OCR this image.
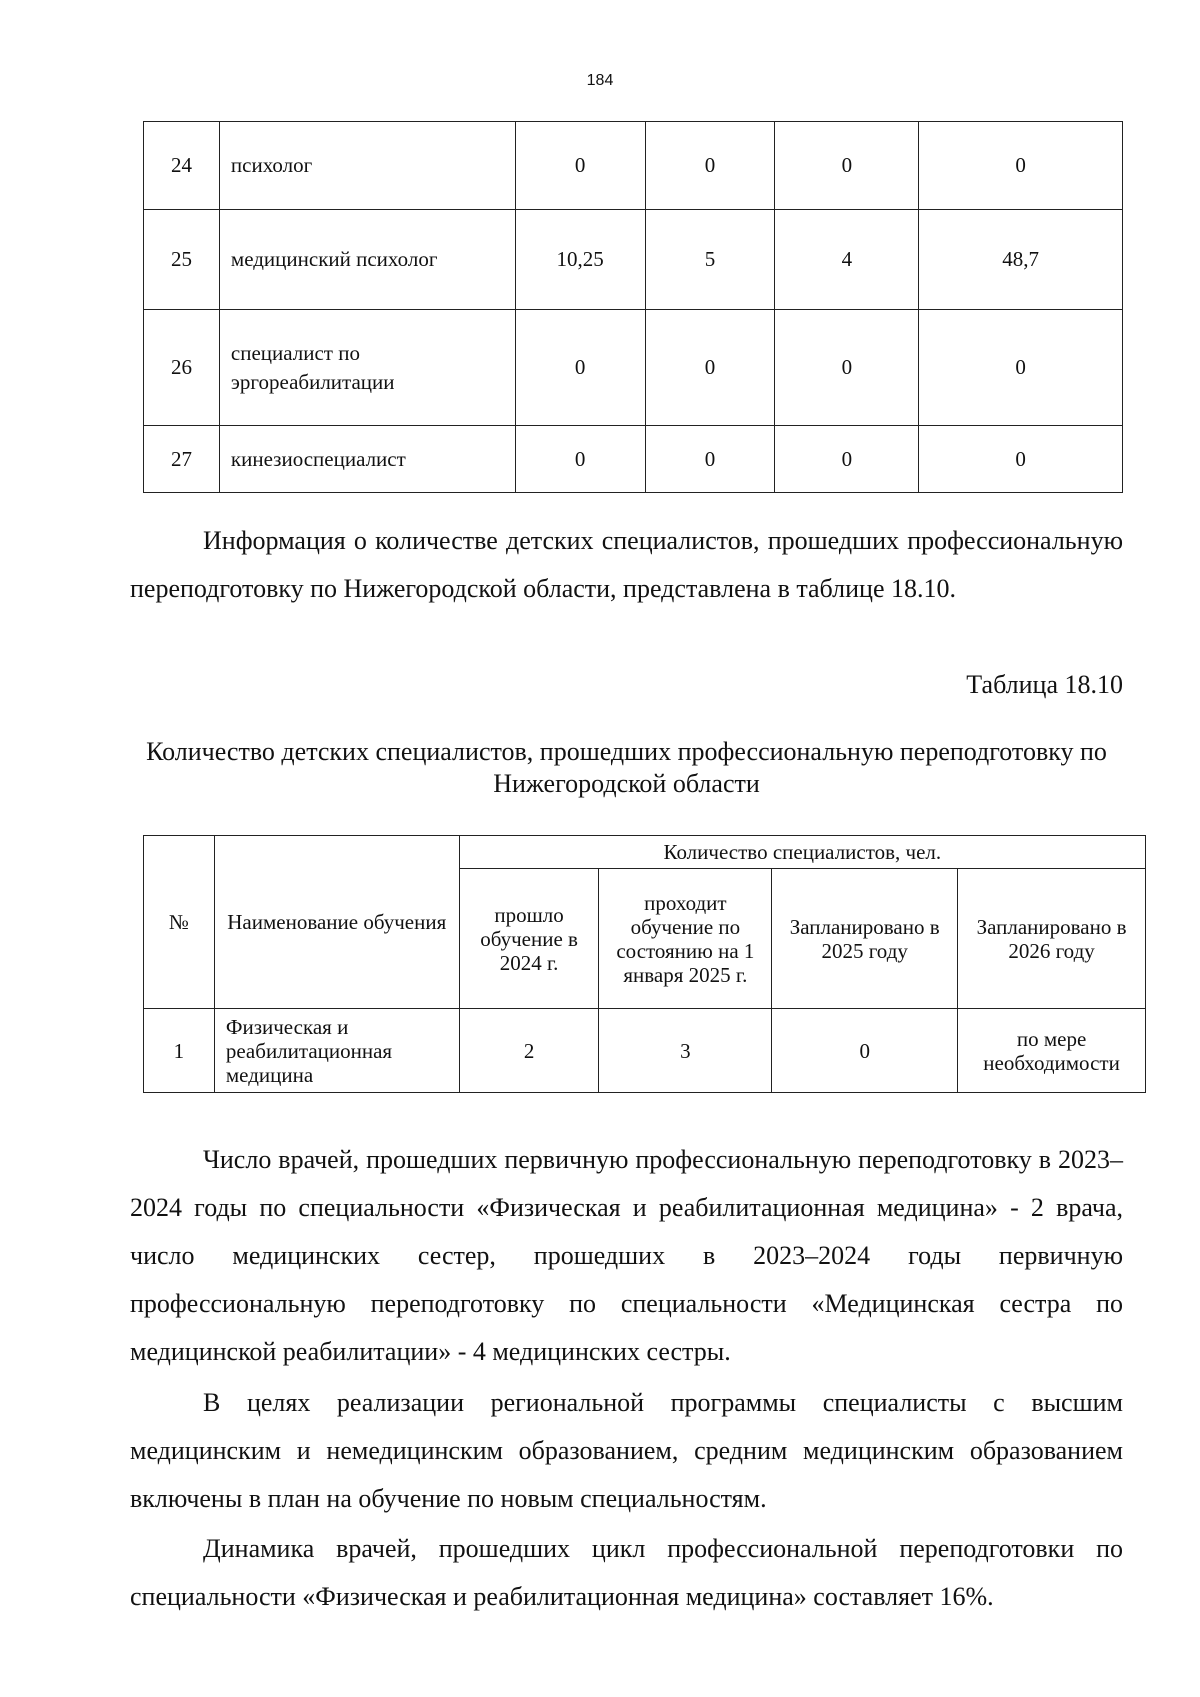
184
24	психолог	0	0	0	0
25	медицинский психолог	10,25	5	4	48,7
26	специалист по эргореабилитации	0	0	0	0
27	кинезиоспециалист	0	0	0	0

Информация о количестве детских специалистов, прошедших профессиональную переподготовку по Нижегородской области, представлена в таблице 18.10.

Таблица 18.10
Количество детских специалистов, прошедших профессиональную переподготовку по Нижегородской области
№	Наименование обучения	Количество специалистов, чел.			
		прошло обучение в 2024 г.	проходит обучение по состоянию на 1 января 2025 г.	Запланировано в 2025 году	Запланировано в 2026 году
1	Физическая и реабилитационная медицина	2	3	0	по мере необходимости

Число врачей, прошедших первичную профессиональную переподготовку в 2023–2024 годы по специальности «Физическая и реабилитационная медицина» - 2 врача, число медицинских сестер, прошедших в 2023–2024 годы первичную профессиональную переподготовку по специальности «Медицинская сестра по медицинской реабилитации» - 4 медицинских сестры.

В целях реализации региональной программы специалисты с высшим медицинским и немедицинским образованием, средним медицинским образованием включены в план на обучение по новым специальностям.

Динамика врачей, прошедших цикл профессиональной переподготовки по специальности «Физическая и реабилитационная медицина» составляет 16%.
